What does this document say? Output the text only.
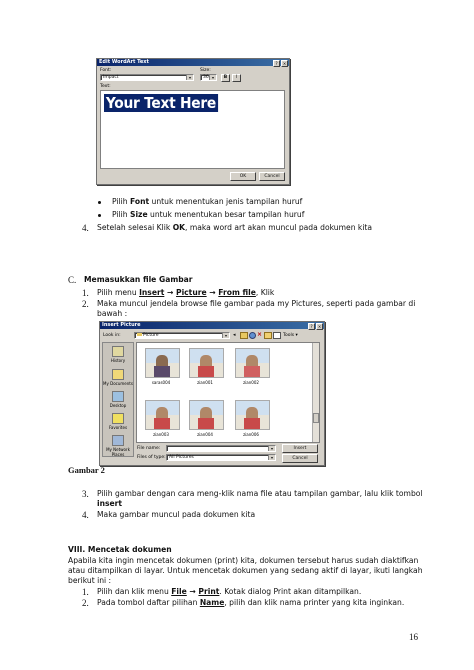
Edit WordArt Text	?	×
Font:
Impact	▾
Size:
36 ▾	B	I
Text:
Your Text Here
OK	Cancel
Pilih Font untuk menentukan jenis tampilan huruf
Pilih Size untuk menentukan besar tampilan huruf
4. Setelah selesai Klik OK, maka word art akan muncul pada dokumen kita
C. Memasukkan file Gambar
1. Pilih menu Insert → Picture → From file, Klik
2. Maka muncul jendela browse file gambar pada my Pictures, seperti pada gambar di
bawah :
Insert Picture	?	×
Look in:	Picture	▾	◂	×	Tools ▾
History
My Documents
Desktop
Favorites
My Network Places
saras004	zian001	zian002
zian003	zian004	zian006
File name:	▾
Files of type: All Pictures	▾
Insert
Cancel
Gambar 2
3. Pilih gambar dengan cara meng-klik nama file atau tampilan gambar, lalu klik tombol
insert
4. Maka gambar muncul pada dokumen kita
VIII. Mencetak dokumen
Apabila kita ingin mencetak dokumen (print) kita, dokumen tersebut harus sudah diaktifkan
atau ditampilkan di layar. Untuk mencetak dokumen yang sedang aktif di layar, ikuti langkah
berikut ini :
1. Pilih dan klik menu File → Print. Kotak dialog Print akan ditampilkan.
2. Pada tombol daftar pilihan Name, pilih dan klik nama printer yang kita inginkan.
16
